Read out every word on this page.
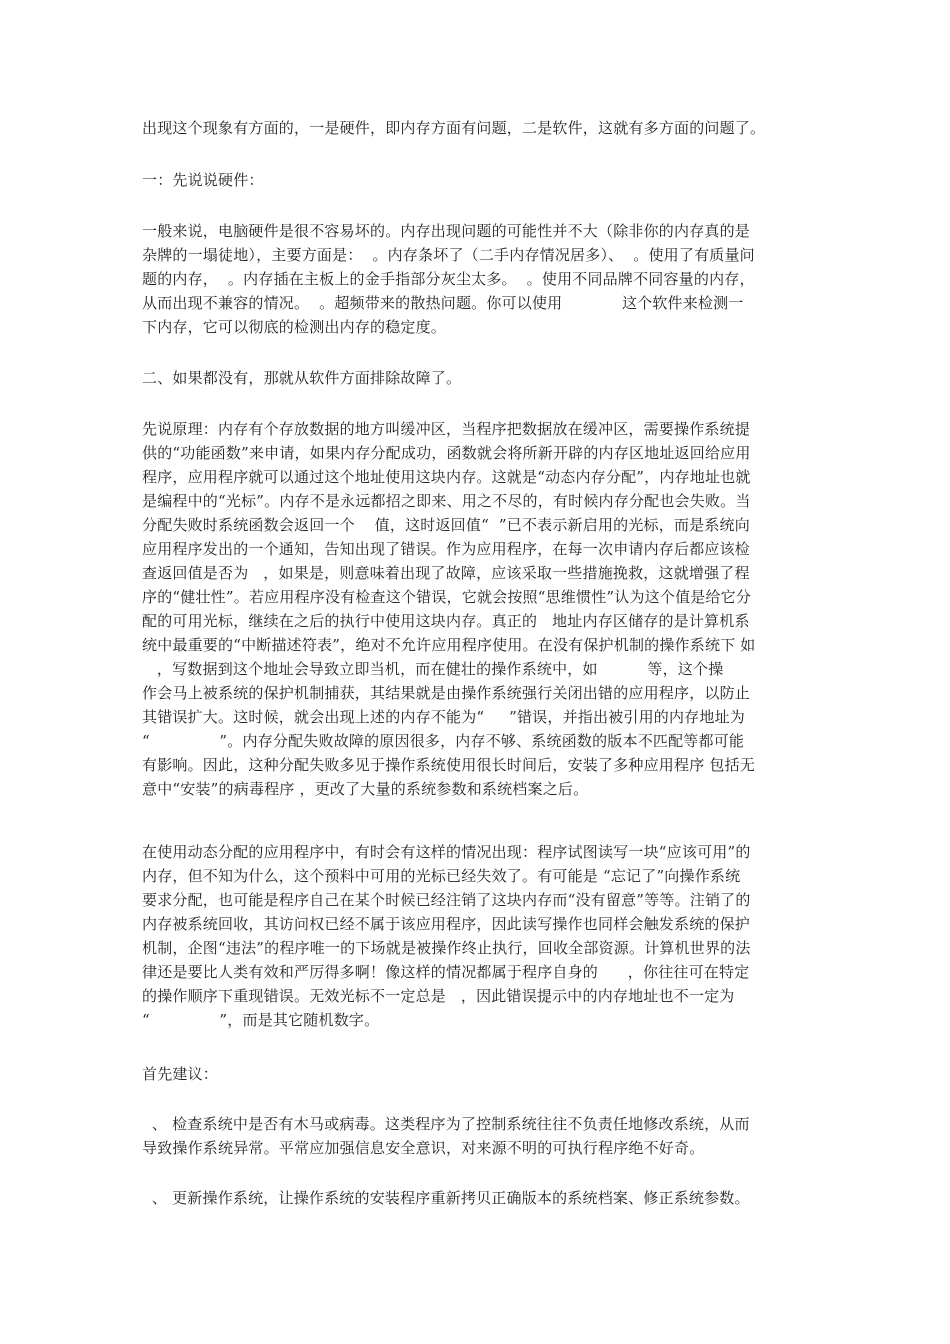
出现这个现象有方面的，一是硬件，即内存方面有问题，二是软件，这就有多方面的问题了。
一：先说说硬件：
一般来说，电脑硬件是很不容易坏的。内存出现问题的可能性并不大（除非你的内存真的是
杂牌的一塌徒地），主要方面是：  。内存条坏了（二手内存情况居多）、  。使用了有质量问
题的内存，  。内存插在主板上的金手指部分灰尘太多。  。使用不同品牌不同容量的内存，
从而出现不兼容的情况。  。超频带来的散热问题。你可以使用            这个软件来检测一
下内存，它可以彻底的检测出内存的稳定度。
二、如果都没有，那就从软件方面排除故障了。
先说原理：内存有个存放数据的地方叫缓冲区，当程序把数据放在缓冲区，需要操作系统提
供的“功能函数”来申请，如果内存分配成功，函数就会将所新开辟的内存区地址返回给应用
程序，应用程序就可以通过这个地址使用这块内存。这就是“动态内存分配”，内存地址也就
是编程中的“光标”。内存不是永远都招之即来、用之不尽的，有时候内存分配也会失败。当
分配失败时系统函数会返回一个    值，这时返回值“  ”已不表示新启用的光标，而是系统向
应用程序发出的一个通知，告知出现了错误。作为应用程序，在每一次申请内存后都应该检
查返回值是否为   ，如果是，则意味着出现了故障，应该采取一些措施挽救，这就增强了程
序的“健壮性”。若应用程序没有检查这个错误，它就会按照“思维惯性”认为这个值是给它分
配的可用光标，继续在之后的执行中使用这块内存。真正的   地址内存区储存的是计算机系
统中最重要的“中断描述符表”，绝对不允许应用程序使用。在没有保护机制的操作系统下 如
，写数据到这个地址会导致立即当机，而在健壮的操作系统中，如          等，这个操
作会马上被系统的保护机制捕获，其结果就是由操作系统强行关闭出错的应用程序，以防止
其错误扩大。这时候，就会出现上述的内存不能为“     ”错误，并指出被引用的内存地址为
“              ”。内存分配失败故障的原因很多，内存不够、系统函数的版本不匹配等都可能
有影响。因此，这种分配失败多见于操作系统使用很长时间后，安装了多种应用程序 包括无
意中“安装”的病毒程序 ，更改了大量的系统参数和系统档案之后。
在使用动态分配的应用程序中，有时会有这样的情况出现：程序试图读写一块“应该可用”的
内存，但不知为什么，这个预料中可用的光标已经失效了。有可能是 “忘记了”向操作系统
要求分配，也可能是程序自己在某个时候已经注销了这块内存而“没有留意”等等。注销了的
内存被系统回收，其访问权已经不属于该应用程序，因此读写操作也同样会触发系统的保护
机制，企图“违法”的程序唯一的下场就是被操作终止执行，回收全部资源。计算机世界的法
律还是要比人类有效和严厉得多啊！像这样的情况都属于程序自身的      ，你往往可在特定
的操作顺序下重现错误。无效光标不一定总是   ，因此错误提示中的内存地址也不一定为
“              ”，而是其它随机数字。
首先建议：
、 检查系统中是否有木马或病毒。这类程序为了控制系统往往不负责任地修改系统，从而
导致操作系统异常。平常应加强信息安全意识，对来源不明的可执行程序绝不好奇。
、 更新操作系统，让操作系统的安装程序重新拷贝正确版本的系统档案、修正系统参数。
